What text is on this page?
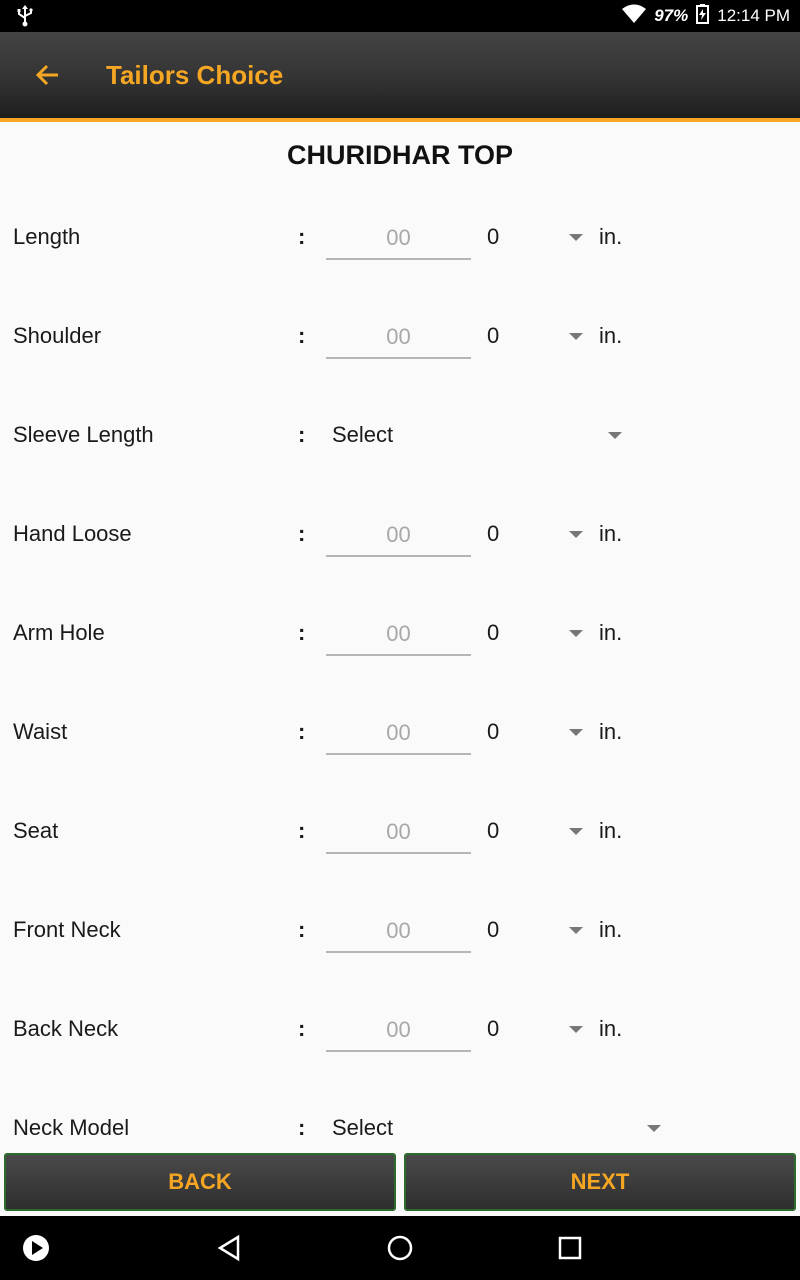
97% 12:14 PM
Tailors Choice
CHURIDHAR TOP
Length	:
00	0	in.
Shoulder	:
00	0	in.
Sleeve Length	: Select
Hand Loose	:
00	0	in.
Arm Hole	:
00	0	in.
Waist	:
00	0	in.
Seat	:
00	0	in.
Front Neck	:
00	0	in.
Back Neck	:
00	0	in.
Neck Model	: Select
BACK	NEXT
